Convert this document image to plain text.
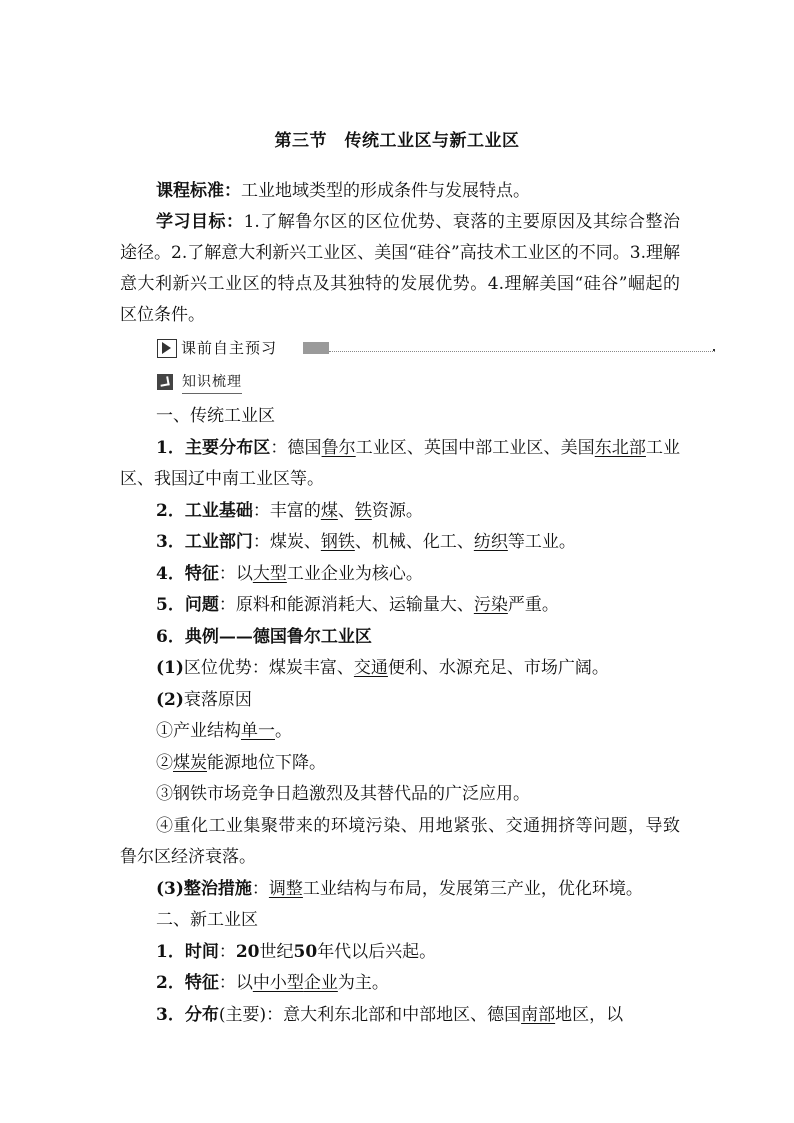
第三节　传统工业区与新工业区

课程标准：工业地域类型的形成条件与发展特点。

学习目标：1.了解鲁尔区的区位优势、衰落的主要原因及其综合整治途径。2.了解意大利新兴工业区、美国“硅谷”高技术工业区的不同。3.理解意大利新兴工业区的特点及其独特的发展优势。4.理解美国“硅谷”崛起的区位条件。

课前自主预习
知识梳理

一、传统工业区

1．主要分布区：德国鲁尔工业区、英国中部工业区、美国东北部工业区、我国辽中南工业区等。

2．工业基础：丰富的煤、铁资源。

3．工业部门：煤炭、钢铁、机械、化工、纺织等工业。

4．特征：以大型工业企业为核心。

5．问题：原料和能源消耗大、运输量大、污染严重。

6．典例——德国鲁尔工业区

(1)区位优势：煤炭丰富、交通便利、水源充足、市场广阔。

(2)衰落原因

①产业结构单一。

②煤炭能源地位下降。

③钢铁市场竞争日趋激烈及其替代品的广泛应用。

④重化工业集聚带来的环境污染、用地紧张、交通拥挤等问题，导致鲁尔区经济衰落。

(3)整治措施：调整工业结构与布局，发展第三产业，优化环境。

二、新工业区

1．时间：20世纪50年代以后兴起。

2．特征：以中小型企业为主。

3．分布(主要)：意大利东北部和中部地区、德国南部地区，以
